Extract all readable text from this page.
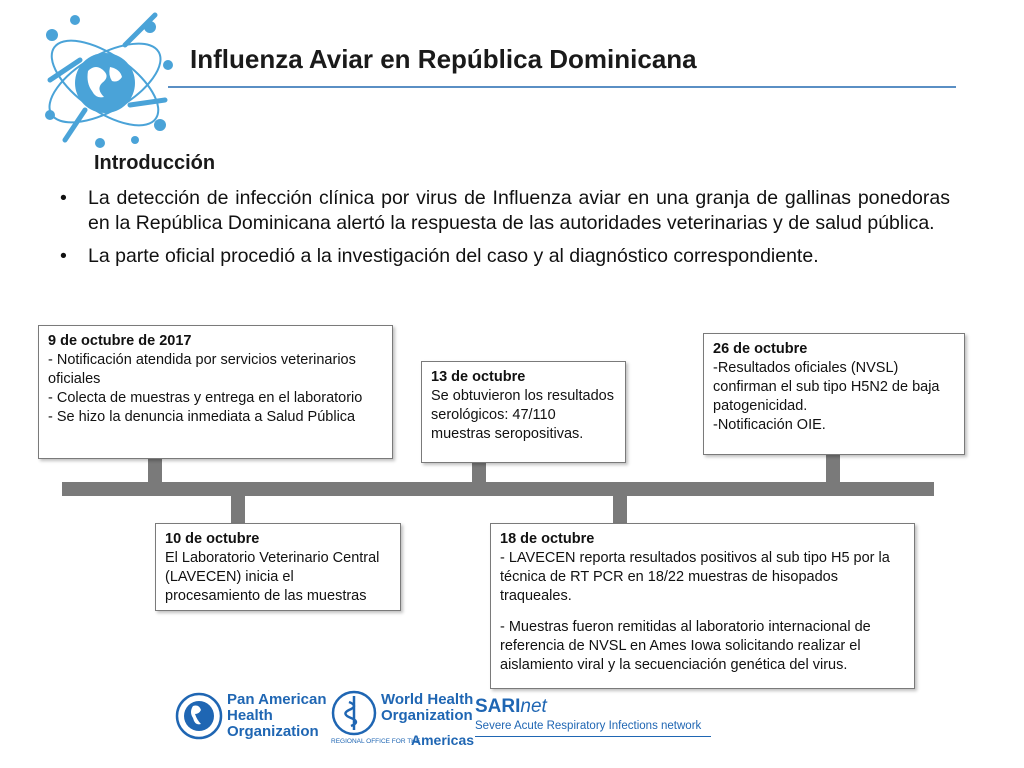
Influenza Aviar en República Dominicana
Introducción
• La detección de infección clínica por virus de Influenza aviar en una granja de gallinas ponedoras en la República Dominicana alertó la respuesta de las autoridades veterinarias y de salud pública.
• La parte oficial procedió a la investigación del caso y al diagnóstico correspondiente.

9 de octubre de 2017

- Notificación atendida por servicios veterinarios oficiales

- Colecta de muestras y entrega en el laboratorio

- Se hizo la denuncia inmediata a Salud Pública

10 de octubre

El Laboratorio Veterinario Central (LAVECEN) inicia el procesamiento de las muestras

13 de octubre

Se obtuvieron los resultados serológicos: 47/110 muestras seropositivas.

18 de octubre

- LAVECEN reporta resultados positivos al sub tipo H5 por la técnica de RT PCR en 18/22 muestras de hisopados traqueales.

- Muestras fueron remitidas al laboratorio internacional de referencia de NVSL en Ames Iowa solicitando realizar el aislamiento viral y la secuenciación genética del virus.

26 de octubre

-Resultados oficiales (NVSL) confirman el sub tipo H5N2 de baja patogenicidad.

-Notificación OIE.

Pan American
Health
Organization
World Health
Organization
REGIONAL OFFICE FOR THE
Americas
SARInet
Severe Acute Respiratory Infections network
